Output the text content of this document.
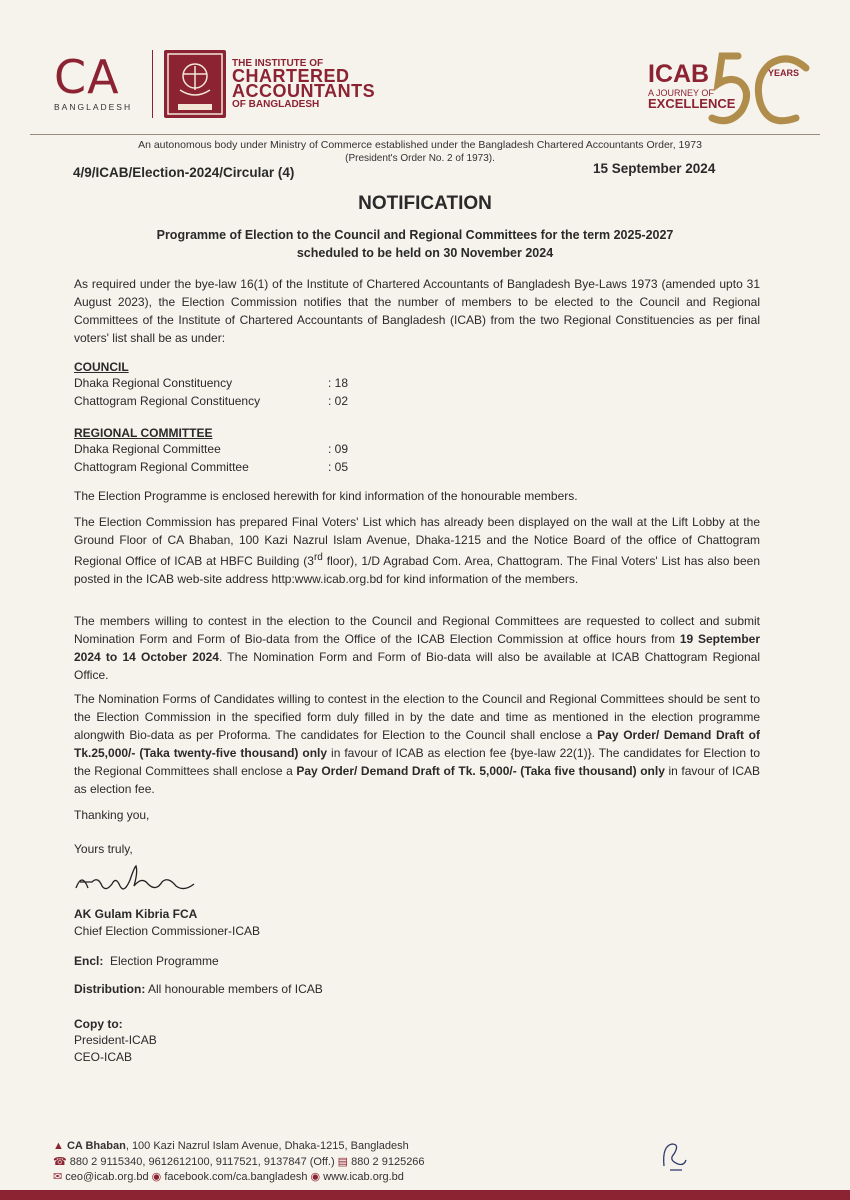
CA
BANGLADESH
THE INSTITUTE OF
CHARTERED
ACCOUNTANTS
OF BANGLADESH
ICAB
A JOURNEY OF
EXCELLENCE
YEARS
An autonomous body under Ministry of Commerce established under the Bangladesh Chartered Accountants Order, 1973
(President's Order No. 2 of 1973).
4/9/ICAB/Election-2024/Circular (4)	15 September 2024
NOTIFICATION
Programme of Election to the Council and Regional Committees for the term 2025-2027
scheduled to be held on 30 November 2024
As required under the bye-law 16(1) of the Institute of Chartered Accountants of Bangladesh Bye-Laws 1973 (amended upto 31 August 2023), the Election Commission notifies that the number of members to be elected to the Council and Regional Committees of the Institute of Chartered Accountants of Bangladesh (ICAB) from the two Regional Constituencies as per final voters' list shall be as under:
COUNCIL
Dhaka Regional Constituency	: 18
Chattogram Regional Constituency	: 02
REGIONAL COMMITTEE
Dhaka Regional Committee	: 09
Chattogram Regional Committee	: 05
The Election Programme is enclosed herewith for kind information of the honourable members.
The Election Commission has prepared Final Voters' List which has already been displayed on the wall at the Lift Lobby at the Ground Floor of CA Bhaban, 100 Kazi Nazrul Islam Avenue, Dhaka-1215 and the Notice Board of the office of Chattogram Regional Office of ICAB at HBFC Building (3rd floor), 1/D Agrabad Com. Area, Chattogram. The Final Voters' List has also been posted in the ICAB web-site address http:www.icab.org.bd for kind information of the members.
The members willing to contest in the election to the Council and Regional Committees are requested to collect and submit Nomination Form and Form of Bio-data from the Office of the ICAB Election Commission at office hours from 19 September 2024 to 14 October 2024. The Nomination Form and Form of Bio-data will also be available at ICAB Chattogram Regional Office.
The Nomination Forms of Candidates willing to contest in the election to the Council and Regional Committees should be sent to the Election Commission in the specified form duly filled in by the date and time as mentioned in the election programme alongwith Bio-data as per Proforma. The candidates for Election to the Council shall enclose a Pay Order/ Demand Draft of Tk.25,000/- (Taka twenty-five thousand) only in favour of ICAB as election fee {bye-law 22(1)}. The candidates for Election to the Regional Committees shall enclose a Pay Order/ Demand Draft of Tk. 5,000/- (Taka five thousand) only in favour of ICAB as election fee.
Thanking you,
Yours truly,
AK Gulam Kibria FCA
Chief Election Commissioner-ICAB
Encl: Election Programme
Distribution: All honourable members of ICAB
Copy to:
President-ICAB
CEO-ICAB
▲ CA Bhaban, 100 Kazi Nazrul Islam Avenue, Dhaka-1215, Bangladesh
☎ 880 2 9115340, 9612612100, 9117521, 9137847 (Off.) ▤ 880 2 9125266
✉ ceo@icab.org.bd ◉ facebook.com/ca.bangladesh ◉ www.icab.org.bd
